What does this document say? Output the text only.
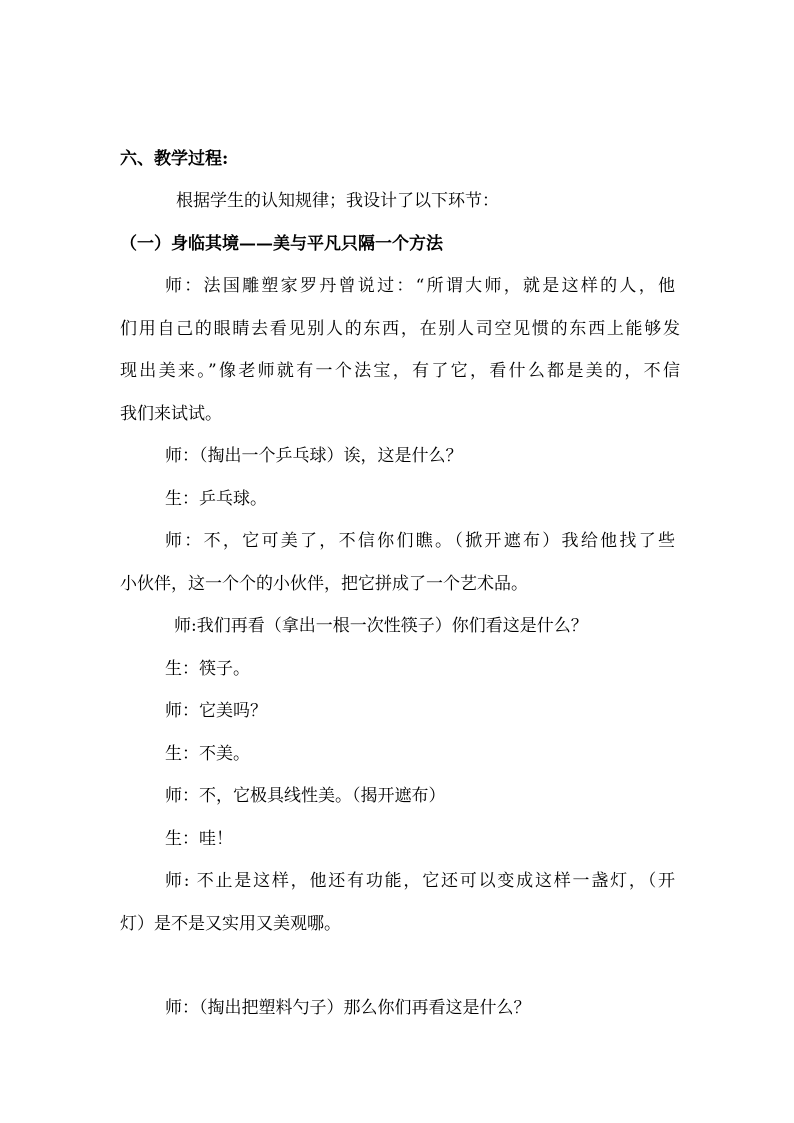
六、教学过程:
根据学生的认知规律；我设计了以下环节：
（一）身临其境——美与平凡只隔一个方法
师：法国雕塑家罗丹曾说过：“所谓大师，就是这样的人，他
们用自己的眼睛去看见别人的东西，在别人司空见惯的东西上能够发
现出美来。”像老师就有一个法宝，有了它，看什么都是美的，不信
我们来试试。
师：（掏出一个乒乓球）诶，这是什么？
生：乒乓球。
师：不，它可美了，不信你们瞧。（掀开遮布）我给他找了些
小伙伴，这一个个的小伙伴，把它拼成了一个艺术品。
师:我们再看（拿出一根一次性筷子）你们看这是什么？
生：筷子。
师：它美吗？
生：不美。
师：不，它极具线性美。（揭开遮布）
生：哇！
师: 不止是这样，他还有功能，它还可以变成这样一盏灯，（开
灯）是不是又实用又美观哪。
师：（掏出把塑料勺子）那么你们再看这是什么？
